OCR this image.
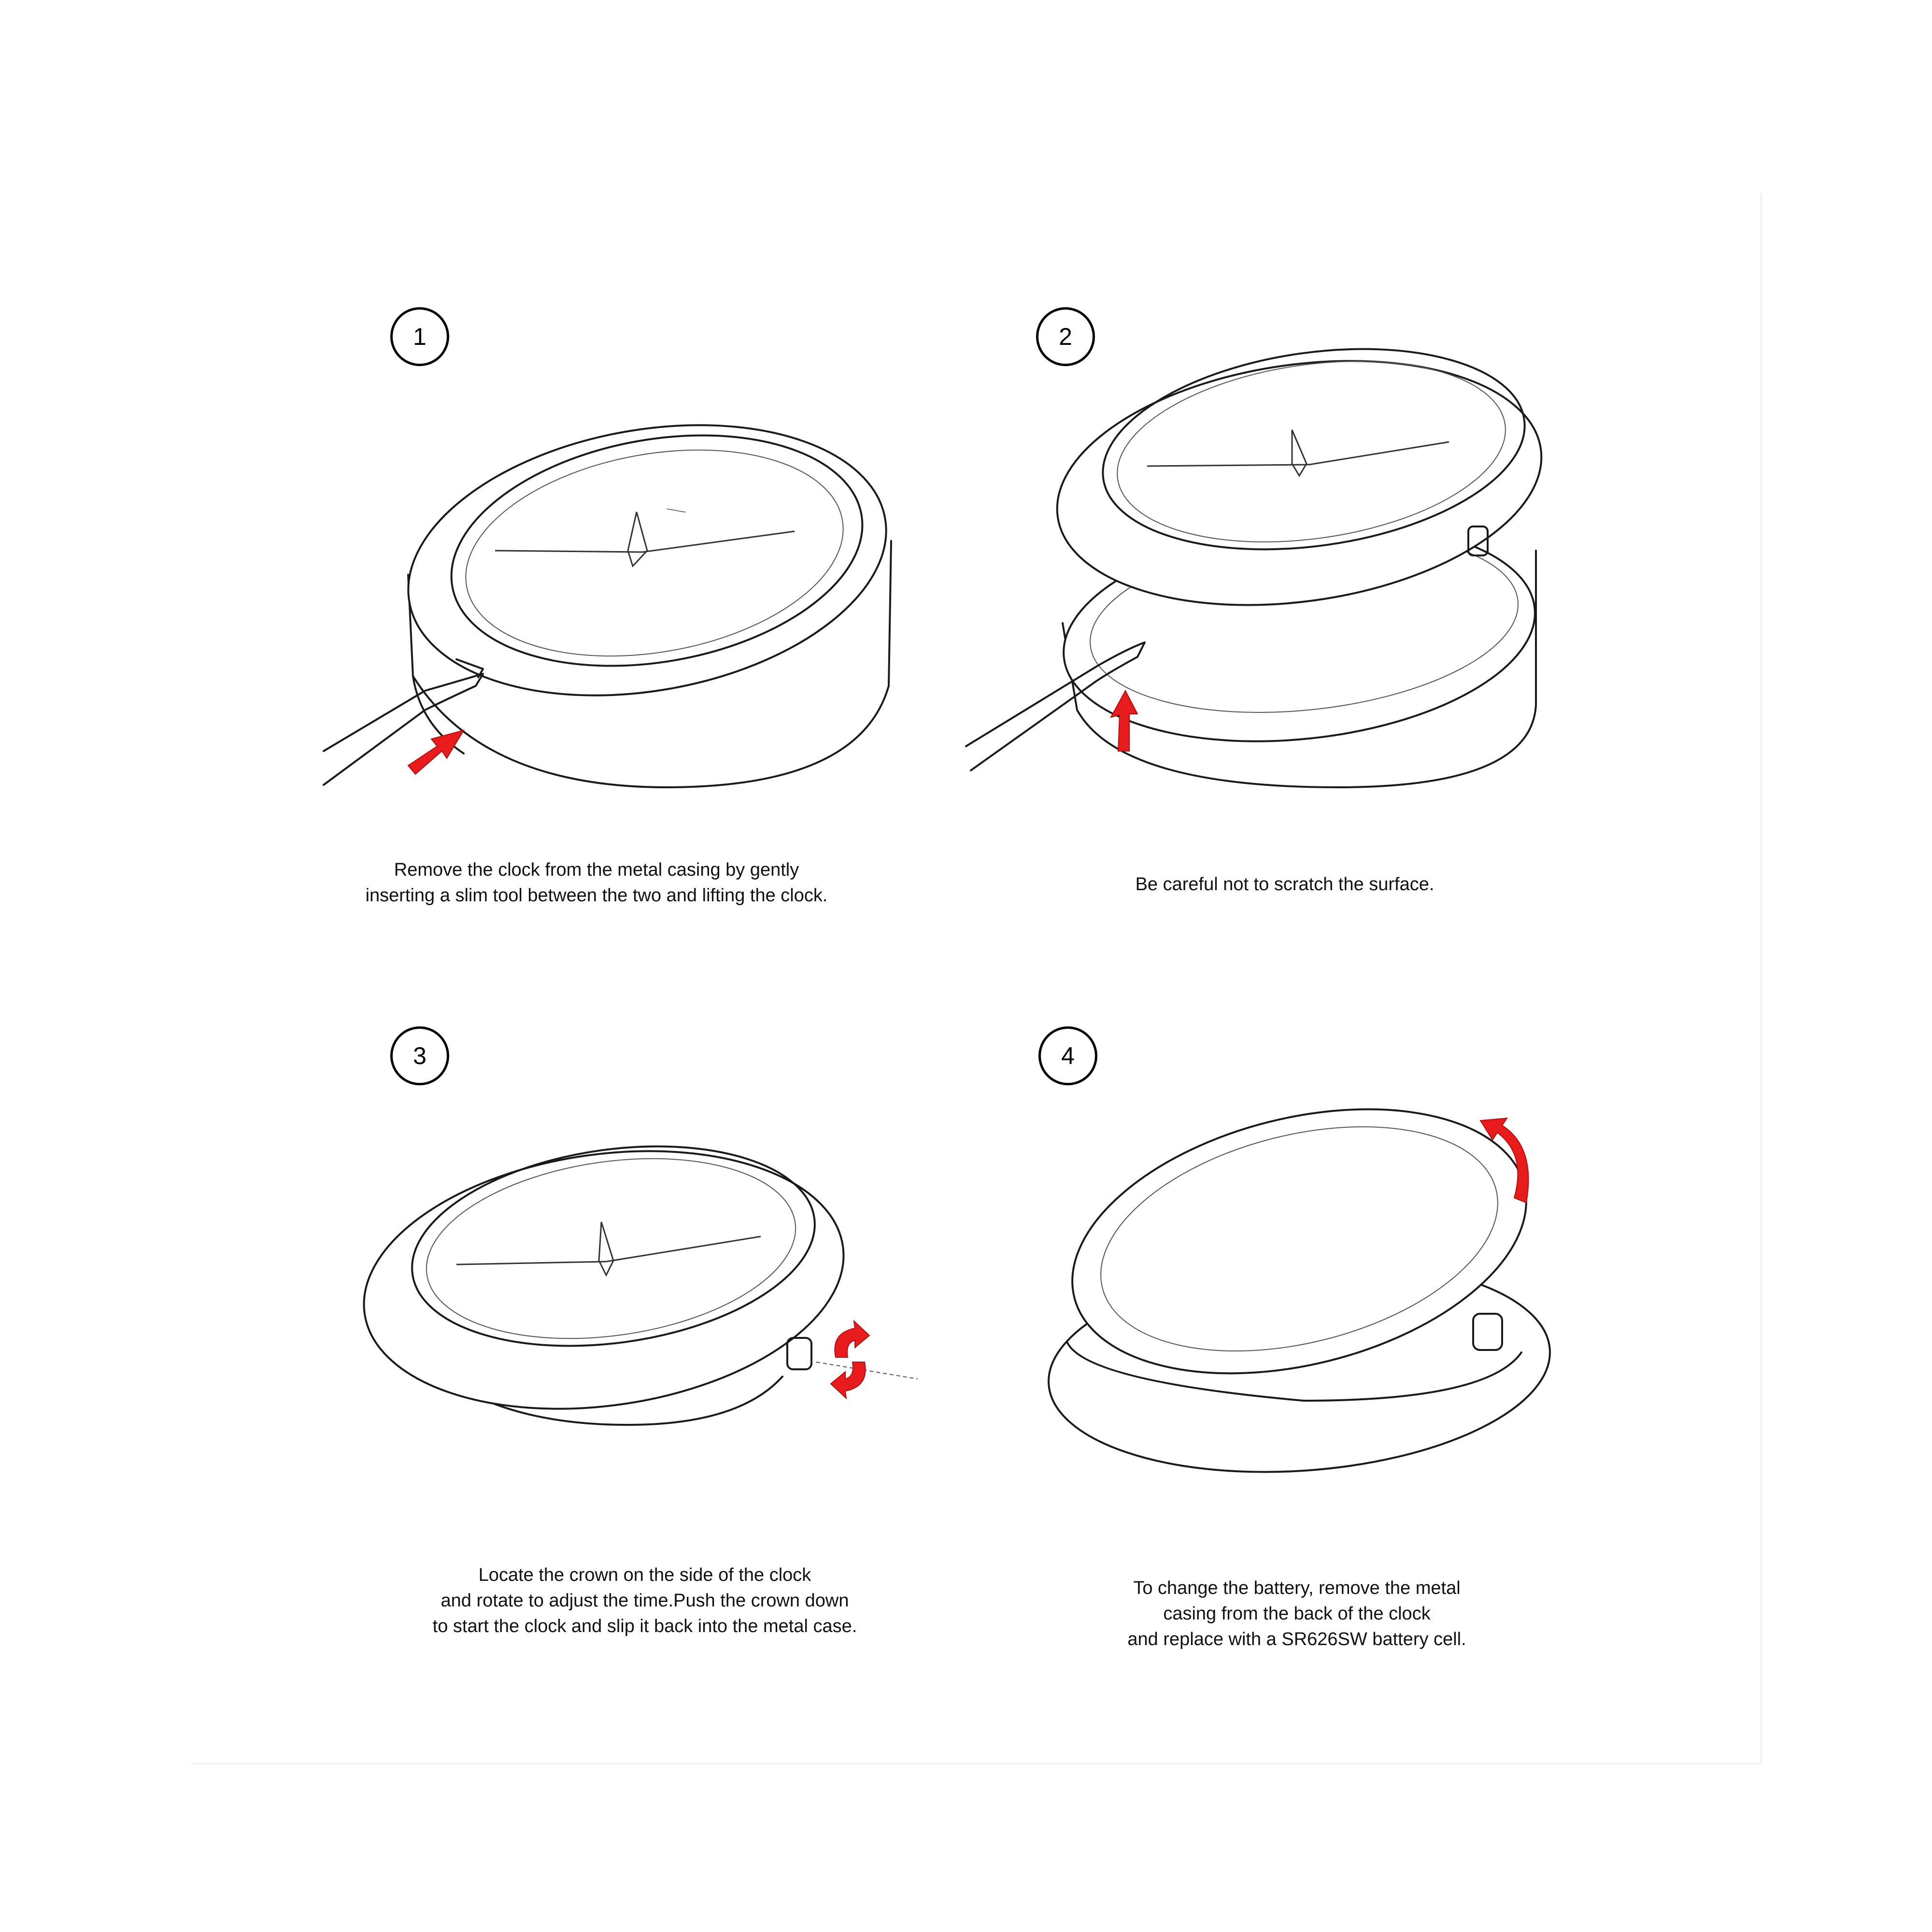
1
⎯⎯⎯
Remove the clock from the metal casing by gently
inserting a slim tool between the two and lifting the clock.
2
Be careful not to scratch the surface.
3
Locate the crown on the side of the clock
and rotate to adjust the time.Push the crown down
to start the clock and slip it back into the metal case.
4
To change the battery, remove the metal
casing from the back of the clock
and replace with a SR626SW battery cell.
